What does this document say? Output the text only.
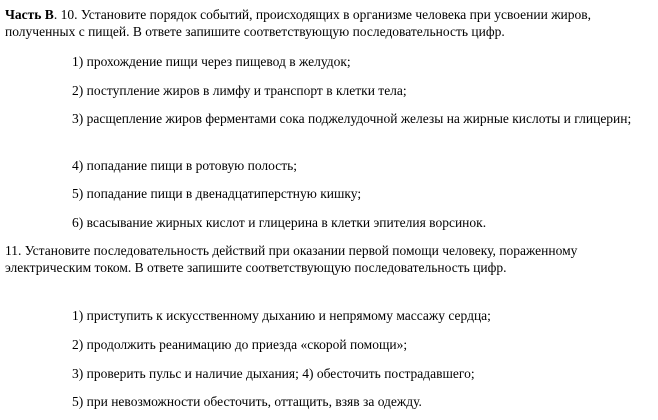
Часть В. 10. Установите порядок событий, происходящих в организме человека при усвоении жиров, полученных с пищей. В ответе запишите соответствующую последовательность цифр.

1) прохождение пищи через пищевод в желудок;

2) поступление жиров в лимфу и транспорт в клетки тела;

3) расщепление жиров ферментами сока поджелудочной железы на жирные кислоты и глицерин;

4) попадание пищи в ротовую полость;

5) попадание пищи в двенадцатиперстную кишку;

6) всасывание жирных кислот и глицерина в клетки эпителия ворсинок.

11. Установите последовательность действий при оказании первой помощи человеку, пораженному электрическим током. В ответе запишите соответствующую последовательность цифр.

1) приступить к искусственному дыханию и непрямому массажу сердца;

2) продолжить реанимацию до приезда «скорой помощи»;

3) проверить пульс и наличие дыхания; 4) обесточить пострадавшего;

5) при невозможности обесточить, оттащить, взяв за одежду.
